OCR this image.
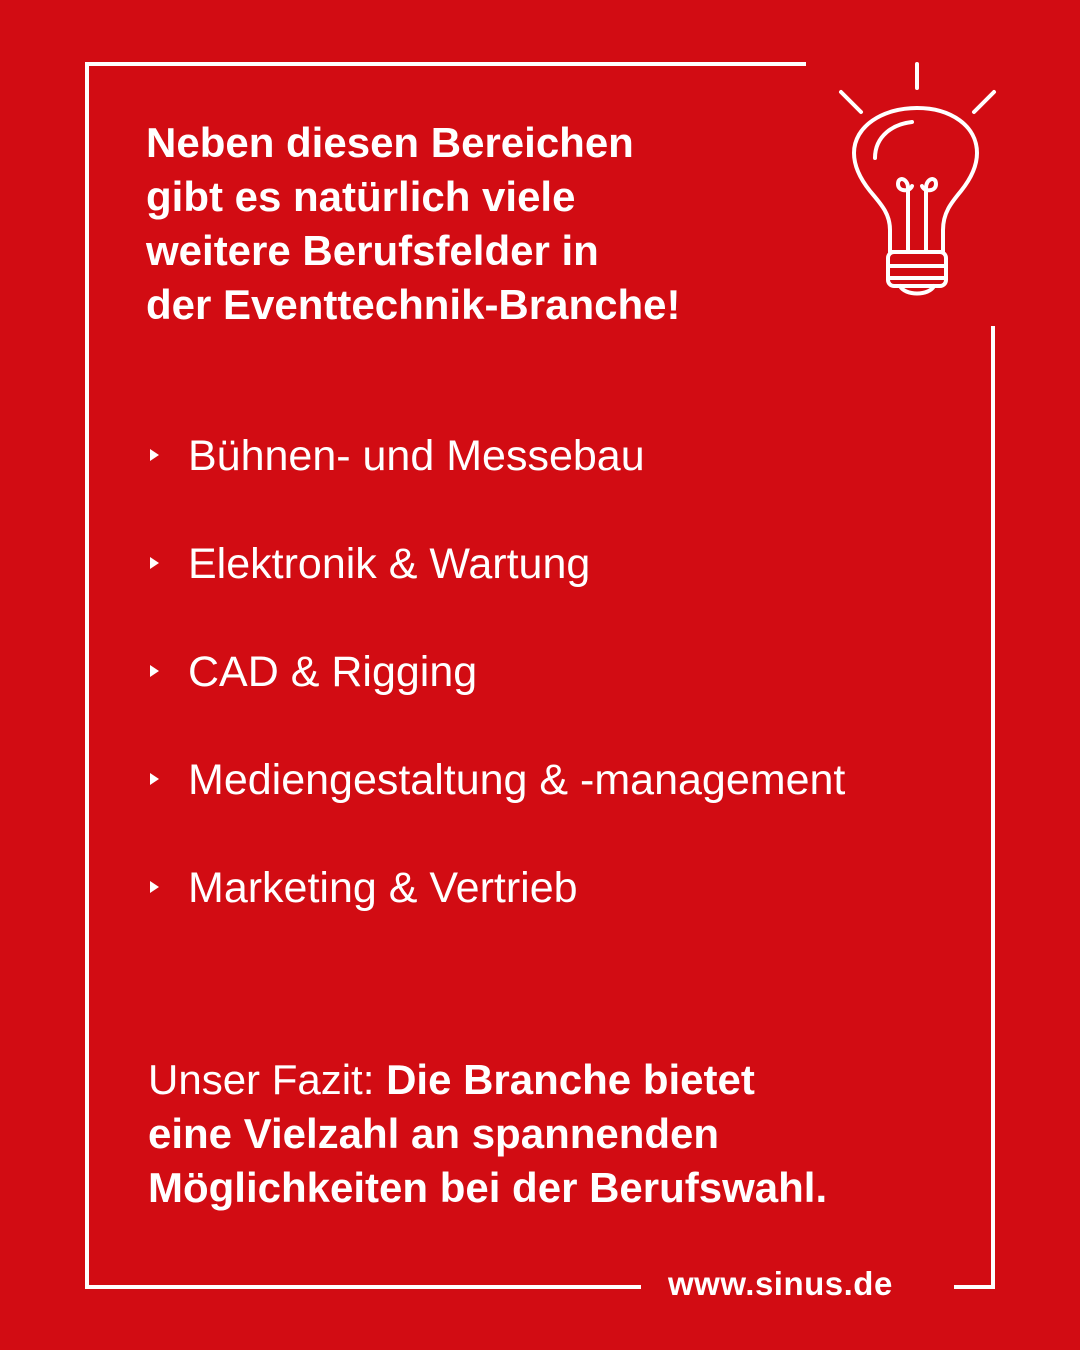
Neben diesen Bereichen
gibt es natürlich viele
weitere Berufsfelder in
der Eventtechnik-Branche!
Bühnen- und Messebau
Elektronik & Wartung
CAD & Rigging
Mediengestaltung & -management
Marketing & Vertrieb

Unser Fazit: Die Branche bietet
eine Vielzahl an spannenden
Möglichkeiten bei der Berufswahl.

www.sinus.de
